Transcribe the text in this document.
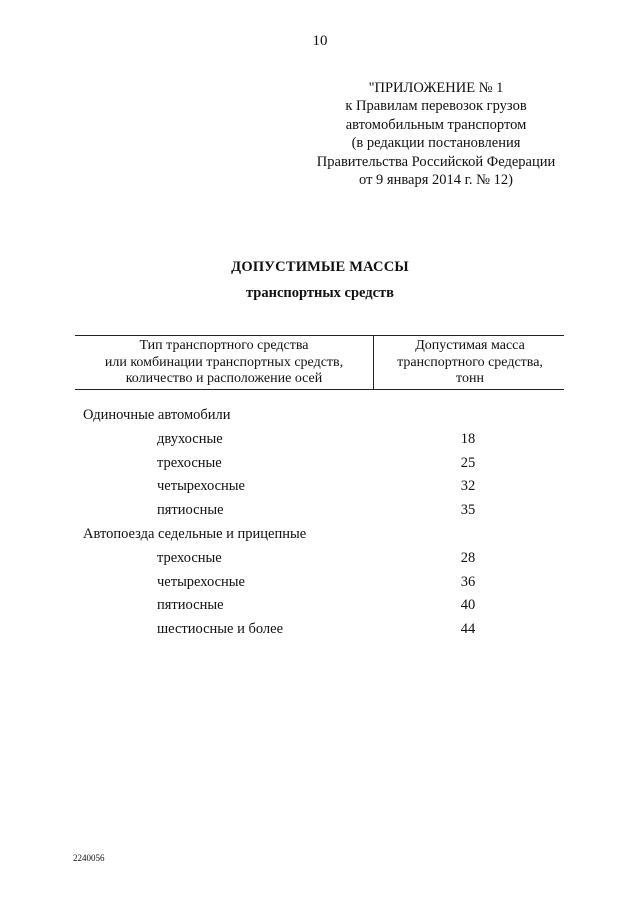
10
"ПРИЛОЖЕНИЕ № 1
к Правилам перевозок грузов
автомобильным транспортом
(в редакции постановления
Правительства Российской Федерации
от 9 января 2014 г. № 12)
ДОПУСТИМЫЕ МАССЫ
транспортных средств
Тип транспортного средства
или комбинации транспортных средств,
количество и расположение осей
Допустимая масса
транспортного средства,
тонн
Одиночные автомобили
двухосные	18
трехосные	25
четырехосные	32
пятиосные	35
Автопоезда седельные и прицепные
трехосные	28
четырехосные	36
пятиосные	40
шестиосные и более	44
2240056
